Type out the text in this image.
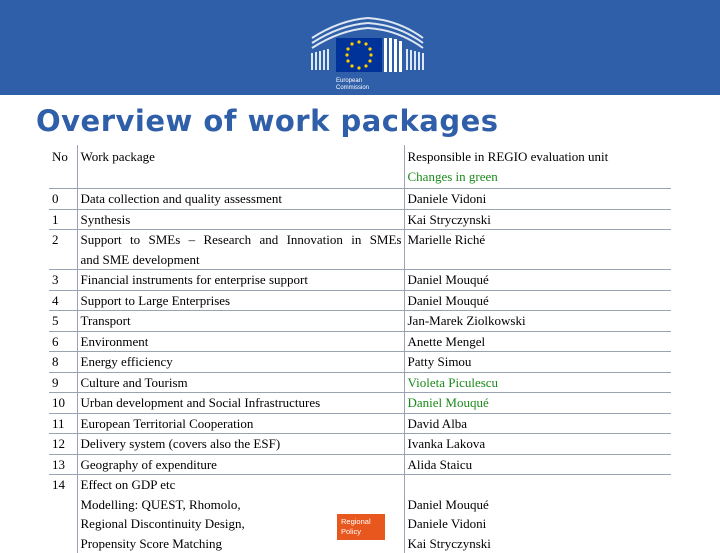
European
Commission
Overview of work packages
No	Work package	Responsible in REGIO evaluation unit
Changes in green

0	Data collection and quality assessment	Daniele Vidoni
1	Synthesis	Kai Stryczynski
2	Support to SMEs – Research and Innovation in SMEs
and SME development	Marielle Riché
3	Financial instruments for enterprise support	Daniel Mouqué
4	Support to Large Enterprises	Daniel Mouqué
5	Transport	Jan-Marek Ziolkowski
6	Environment	Anette Mengel
8	Energy efficiency	Patty Simou
9	Culture and Tourism	Violeta Piculescu
10	Urban development and Social Infrastructures	Daniel Mouqué
11	European Territorial Cooperation	David Alba
12	Delivery system (covers also the ESF)	Ivanka Lakova
13	Geography of expenditure	Alida Staicu
14	Effect on GDP etc
Modelling: QUEST, Rhomolo,
Regional Discontinuity Design,
Propensity Score Matching	Daniel Mouqué
Daniele Vidoni
Kai Stryczynski
Regional
Policy
